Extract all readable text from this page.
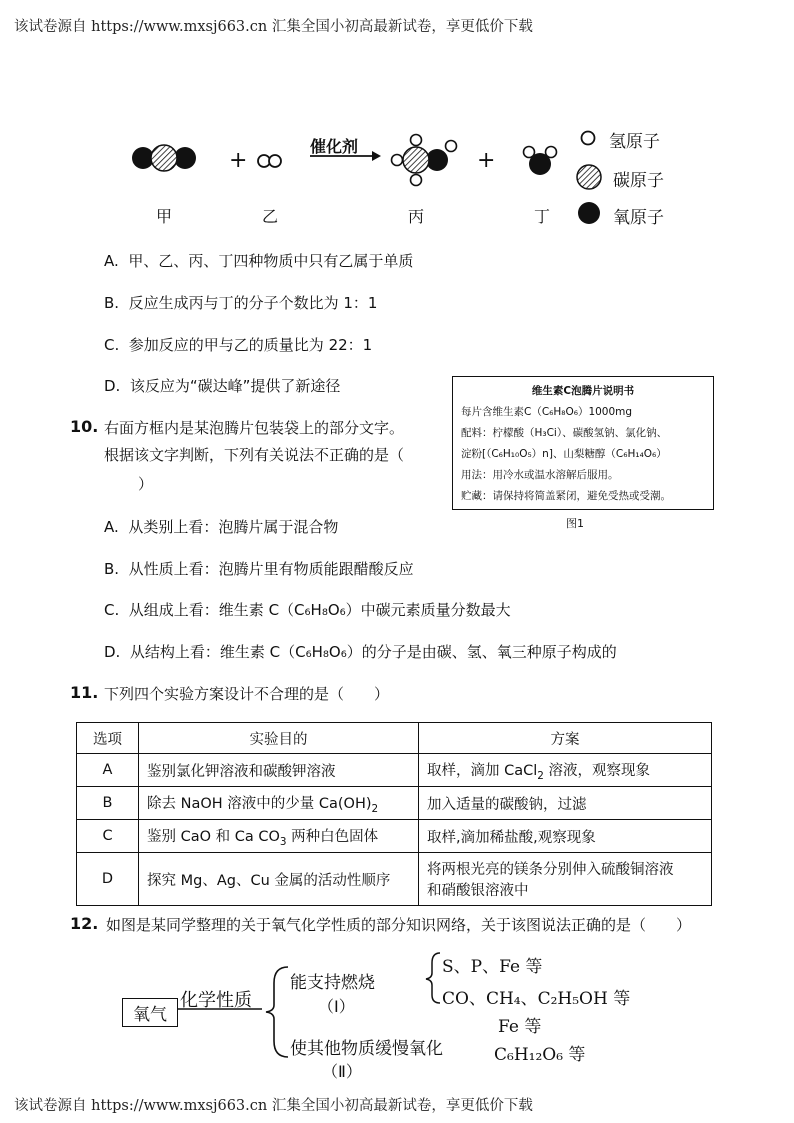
该试卷源自 https://www.mxsj663.cn 汇集全国小初高最新试卷，享更低价下载
+	+
催化剂
甲	乙	丙	丁
氢原子
碳原子
氧原子
A. 甲、乙、丙、丁四种物质中只有乙属于单质
B. 反应生成丙与丁的分子个数比为 1：1
C. 参加反应的甲与乙的质量比为 22：1
D. 该反应为“碳达峰”提供了新途径
10. 右面方框内是某泡腾片包装袋上的部分文字。
根据该文字判断，下列有关说法不正确的是（
）
维生素C泡腾片说明书
每片含维生素C（C₆H₈O₆）1000mg
配料：柠檬酸（H₃Ci）、碳酸氢钠、氯化钠、
淀粉[（C₆H₁₀O₅）n]、山梨糖醇（C₆H₁₄O₆）
用法：用冷水或温水溶解后服用。
贮藏：请保持将简盖紧闭，避免受热或受潮。
图1
A. 从类别上看：泡腾片属于混合物
B. 从性质上看：泡腾片里有物质能跟醋酸反应
C. 从组成上看：维生素 C（C₆H₈O₆）中碳元素质量分数最大
D. 从结构上看：维生素 C（C₆H₈O₆）的分子是由碳、氢、氧三种原子构成的
11. 下列四个实验方案设计不合理的是（　　）
选项	实验目的	方案
A	鉴别氯化钾溶液和碳酸钾溶液	取样，滴加 CaCl$_2$ 溶液，观察现象
B	除去 NaOH 溶液中的少量 $Ca(OH)_2$	加入适量的碳酸钠，过滤
C	鉴别 CaO 和 Ca $CO_3$ 两种白色固体	取样,滴加稀盐酸,观察现象
D	探究 Mg、Ag、Cu 金属的活动性顺序	将两根光亮的镁条分别伸入硫酸铜溶液
和硝酸银溶液中
12. 如图是某同学整理的关于氧气化学性质的部分知识网络，关于该图说法正确的是（　　）
氧气
化学性质
能支持燃烧
（Ⅰ）
S、P、Fe 等
CO、CH₄、C₂H₅OH 等
使其他物质缓慢氧化
（Ⅱ）
Fe 等
C₆H₁₂O₆ 等
该试卷源自 https://www.mxsj663.cn 汇集全国小初高最新试卷，享更低价下载
